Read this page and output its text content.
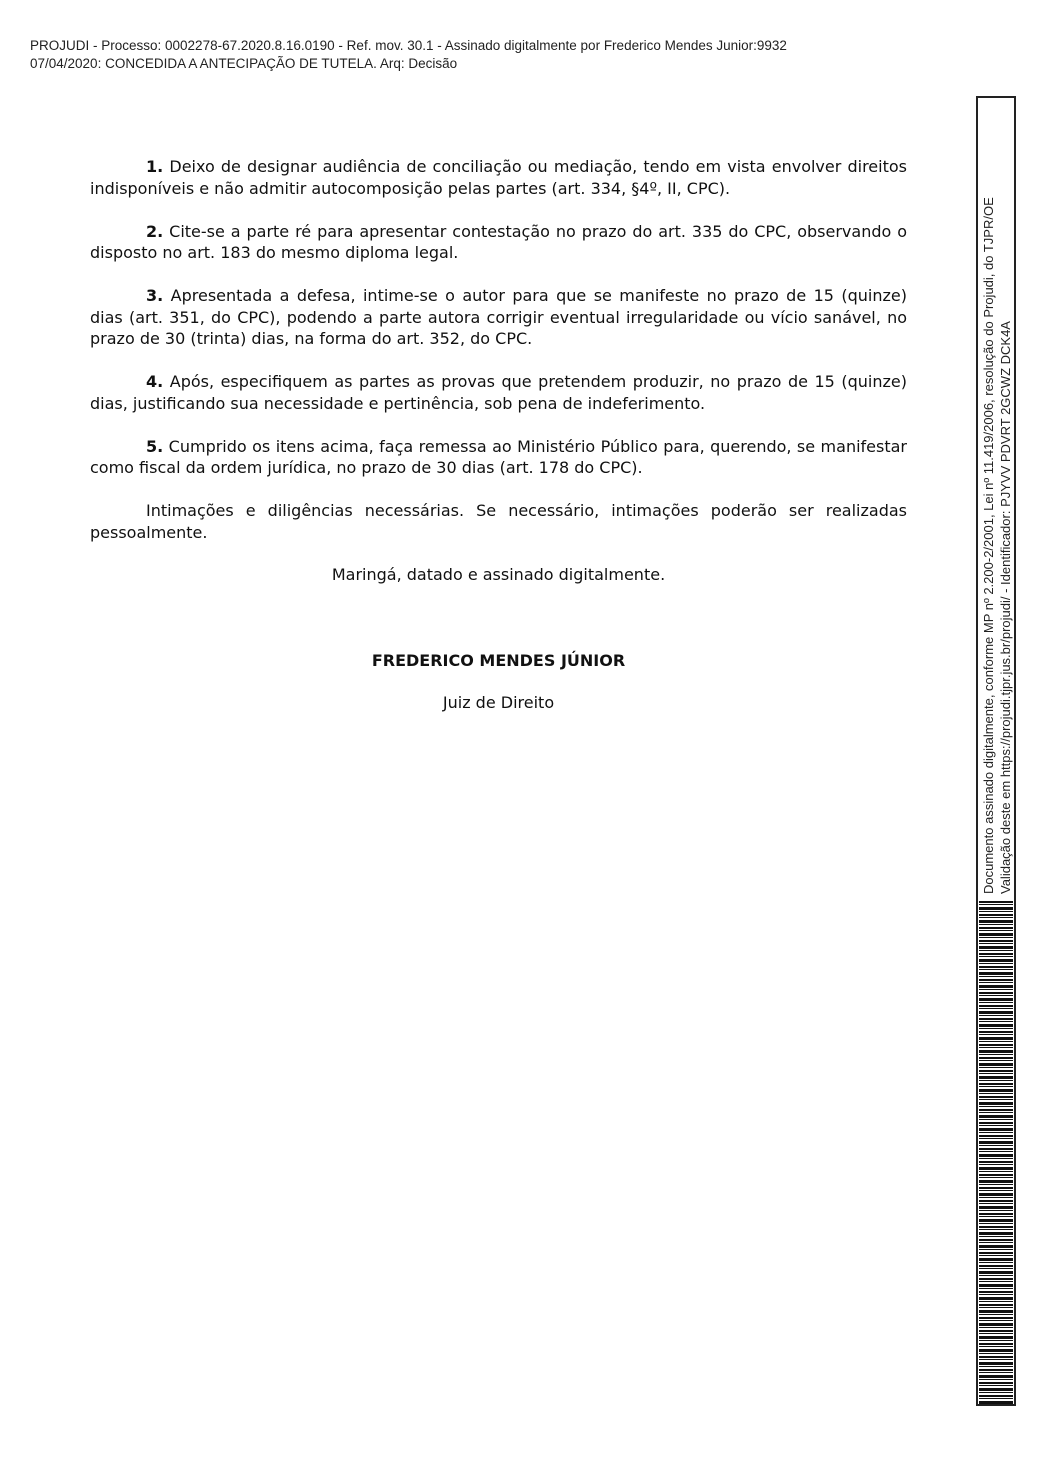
PROJUDI - Processo: 0002278-67.2020.8.16.0190 - Ref. mov. 30.1 - Assinado digitalmente por Frederico Mendes Junior:9932
07/04/2020: CONCEDIDA A ANTECIPAÇÃO DE TUTELA. Arq: Decisão

1. Deixo de designar audiência de conciliação ou mediação, tendo em vista envolver direitos indisponíveis e não admitir autocomposição pelas partes (art. 334, §4º, II, CPC).

2. Cite-se a parte ré para apresentar contestação no prazo do art. 335 do CPC, observando o disposto no art. 183 do mesmo diploma legal.

3. Apresentada a defesa, intime-se o autor para que se manifeste no prazo de 15 (quinze) dias (art. 351, do CPC), podendo a parte autora corrigir eventual irregularidade ou vício sanável, no prazo de 30 (trinta) dias, na forma do art. 352, do CPC.

4. Após, especifiquem as partes as provas que pretendem produzir, no prazo de 15 (quinze) dias, justificando sua necessidade e pertinência, sob pena de indeferimento.

5. Cumprido os itens acima, faça remessa ao Ministério Público para, querendo, se manifestar como fiscal da ordem jurídica, no prazo de 30 dias (art. 178 do CPC).

Intimações e diligências necessárias. Se necessário, intimações poderão ser realizadas pessoalmente.

Maringá, datado e assinado digitalmente.
FREDERICO MENDES JÚNIOR
Juiz de Direito	Documento assinado digitalmente, conforme MP nº 2.200-2/2001, Lei nº 11.419/2006, resolução do Projudi, do TJPR/OE Validação deste em https://projudi.tjpr.jus.br/projudi/ - Identificador: PJYVV PDVRT 2GCWZ DCK4A
